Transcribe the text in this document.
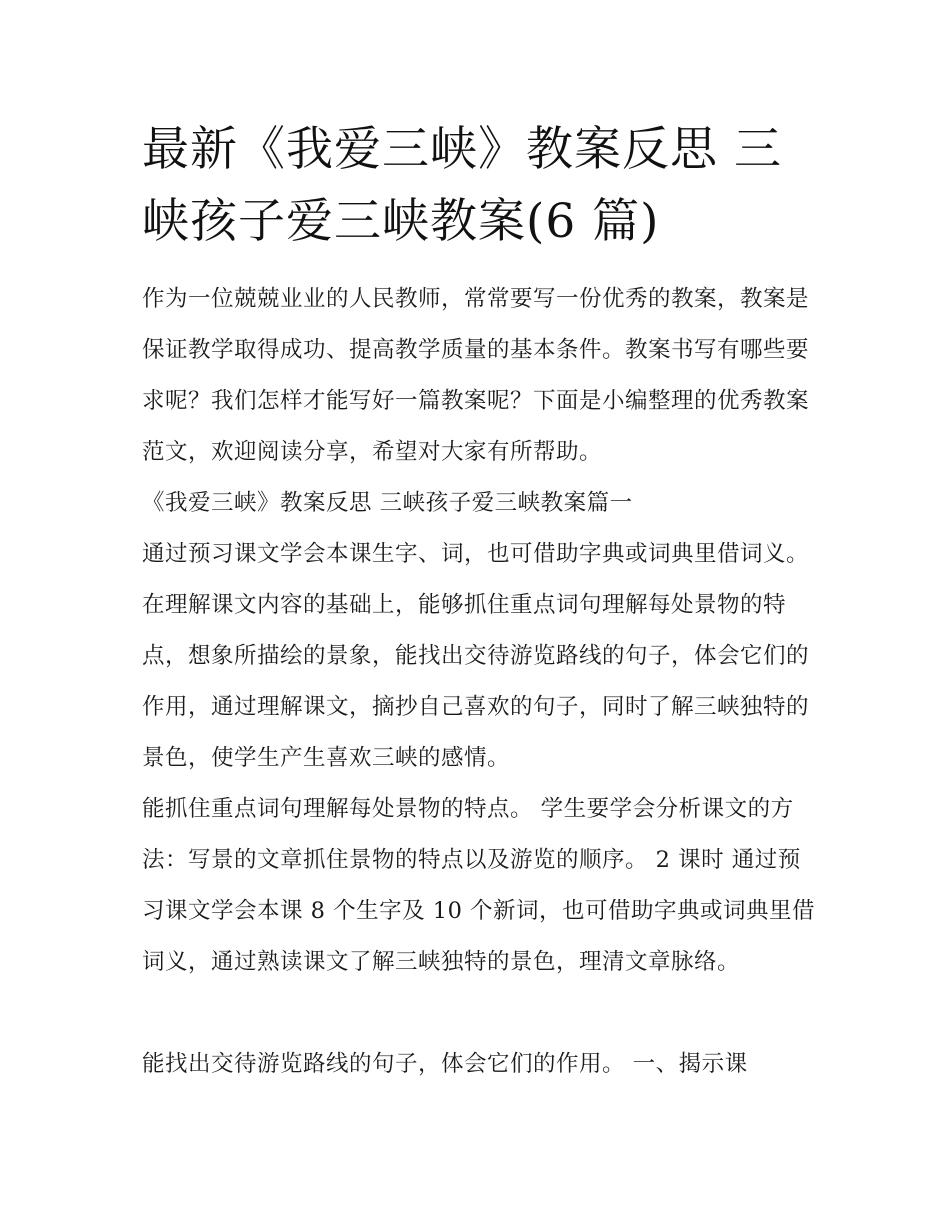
最新《我爱三峡》教案反思 三峡孩子爱三峡教案(6 篇)

作为一位兢兢业业的人民教师，常常要写一份优秀的教案，教案是保证教学取得成功、提高教学质量的基本条件。教案书写有哪些要求呢？我们怎样才能写好一篇教案呢？下面是小编整理的优秀教案范文，欢迎阅读分享，希望对大家有所帮助。

《我爱三峡》教案反思 三峡孩子爱三峡教案篇一

通过预习课文学会本课生字、词，也可借助字典或词典里借词义。在理解课文内容的基础上，能够抓住重点词句理解每处景物的特点，想象所描绘的景象，能找出交待游览路线的句子，体会它们的作用，通过理解课文，摘抄自己喜欢的句子，同时了解三峡独特的景色，使学生产生喜欢三峡的感情。

能抓住重点词句理解每处景物的特点。 学生要学会分析课文的方法：写景的文章抓住景物的特点以及游览的顺序。 2 课时 通过预习课文学会本课 8 个生字及 10 个新词，也可借助字典或词典里借词义，通过熟读课文了解三峡独特的景色，理清文章脉络。

能找出交待游览路线的句子，体会它们的作用。 一、揭示课
